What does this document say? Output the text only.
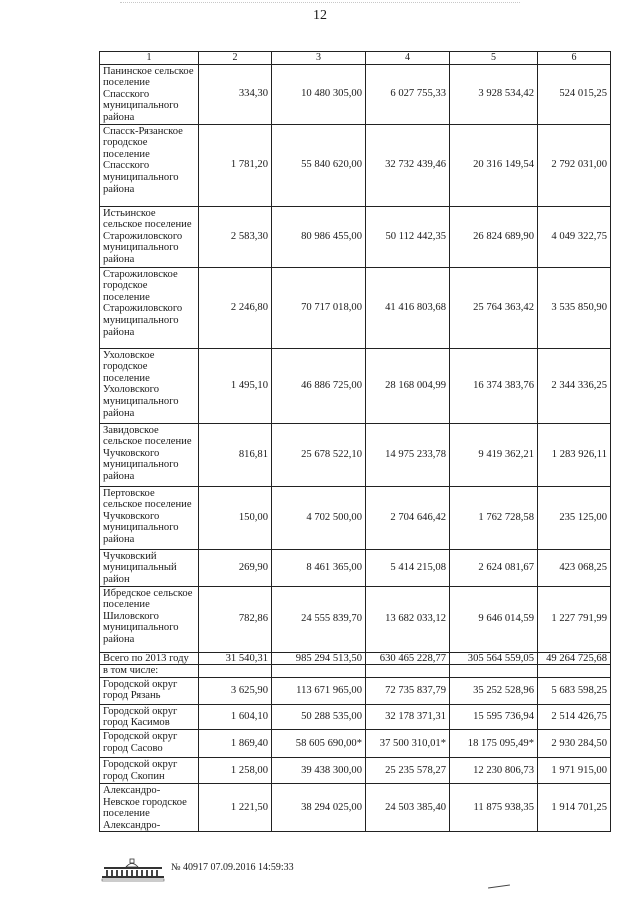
12
1	2	3	4	5	6
Панинское сельское поселение Спасского муниципального района	334,30	10 480 305,00	6 027 755,33	3 928 534,42	524 015,25
Спасск-Рязанское городское поселение Спасского муниципального района	1 781,20	55 840 620,00	32 732 439,46	20 316 149,54	2 792 031,00
Истьинское сельское поселение Старожиловского муниципального района	2 583,30	80 986 455,00	50 112 442,35	26 824 689,90	4 049 322,75
Старожиловское городское поселение Старожиловского муниципального района	2 246,80	70 717 018,00	41 416 803,68	25 764 363,42	3 535 850,90
Ухоловское городское поселение Ухоловского муниципального района	1 495,10	46 886 725,00	28 168 004,99	16 374 383,76	2 344 336,25
Завидовское сельское поселение Чучковского муниципального района	816,81	25 678 522,10	14 975 233,78	9 419 362,21	1 283 926,11
Пертовское сельское поселение Чучковского муниципального района	150,00	4 702 500,00	2 704 646,42	1 762 728,58	235 125,00
Чучковский муниципальный район	269,90	8 461 365,00	5 414 215,08	2 624 081,67	423 068,25
Ибредское сельское поселение Шиловского муниципального района	782,86	24 555 839,70	13 682 033,12	9 646 014,59	1 227 791,99
Всего по 2013 году	31 540,31	985 294 513,50	630 465 228,77	305 564 559,05	49 264 725,68
в том числе:					
Городской округ город Рязань	3 625,90	113 671 965,00	72 735 837,79	35 252 528,96	5 683 598,25
Городской округ город Касимов	1 604,10	50 288 535,00	32 178 371,31	15 595 736,94	2 514 426,75
Городской округ город Сасово	1 869,40	58 605 690,00*	37 500 310,01*	18 175 095,49*	2 930 284,50
Городской округ город Скопин	1 258,00	39 438 300,00	25 235 578,27	12 230 806,73	1 971 915,00
Александро-Невское городское поселение Александро-	1 221,50	38 294 025,00	24 503 385,40	11 875 938,35	1 914 701,25
№ 40917 07.09.2016 14:59:33
